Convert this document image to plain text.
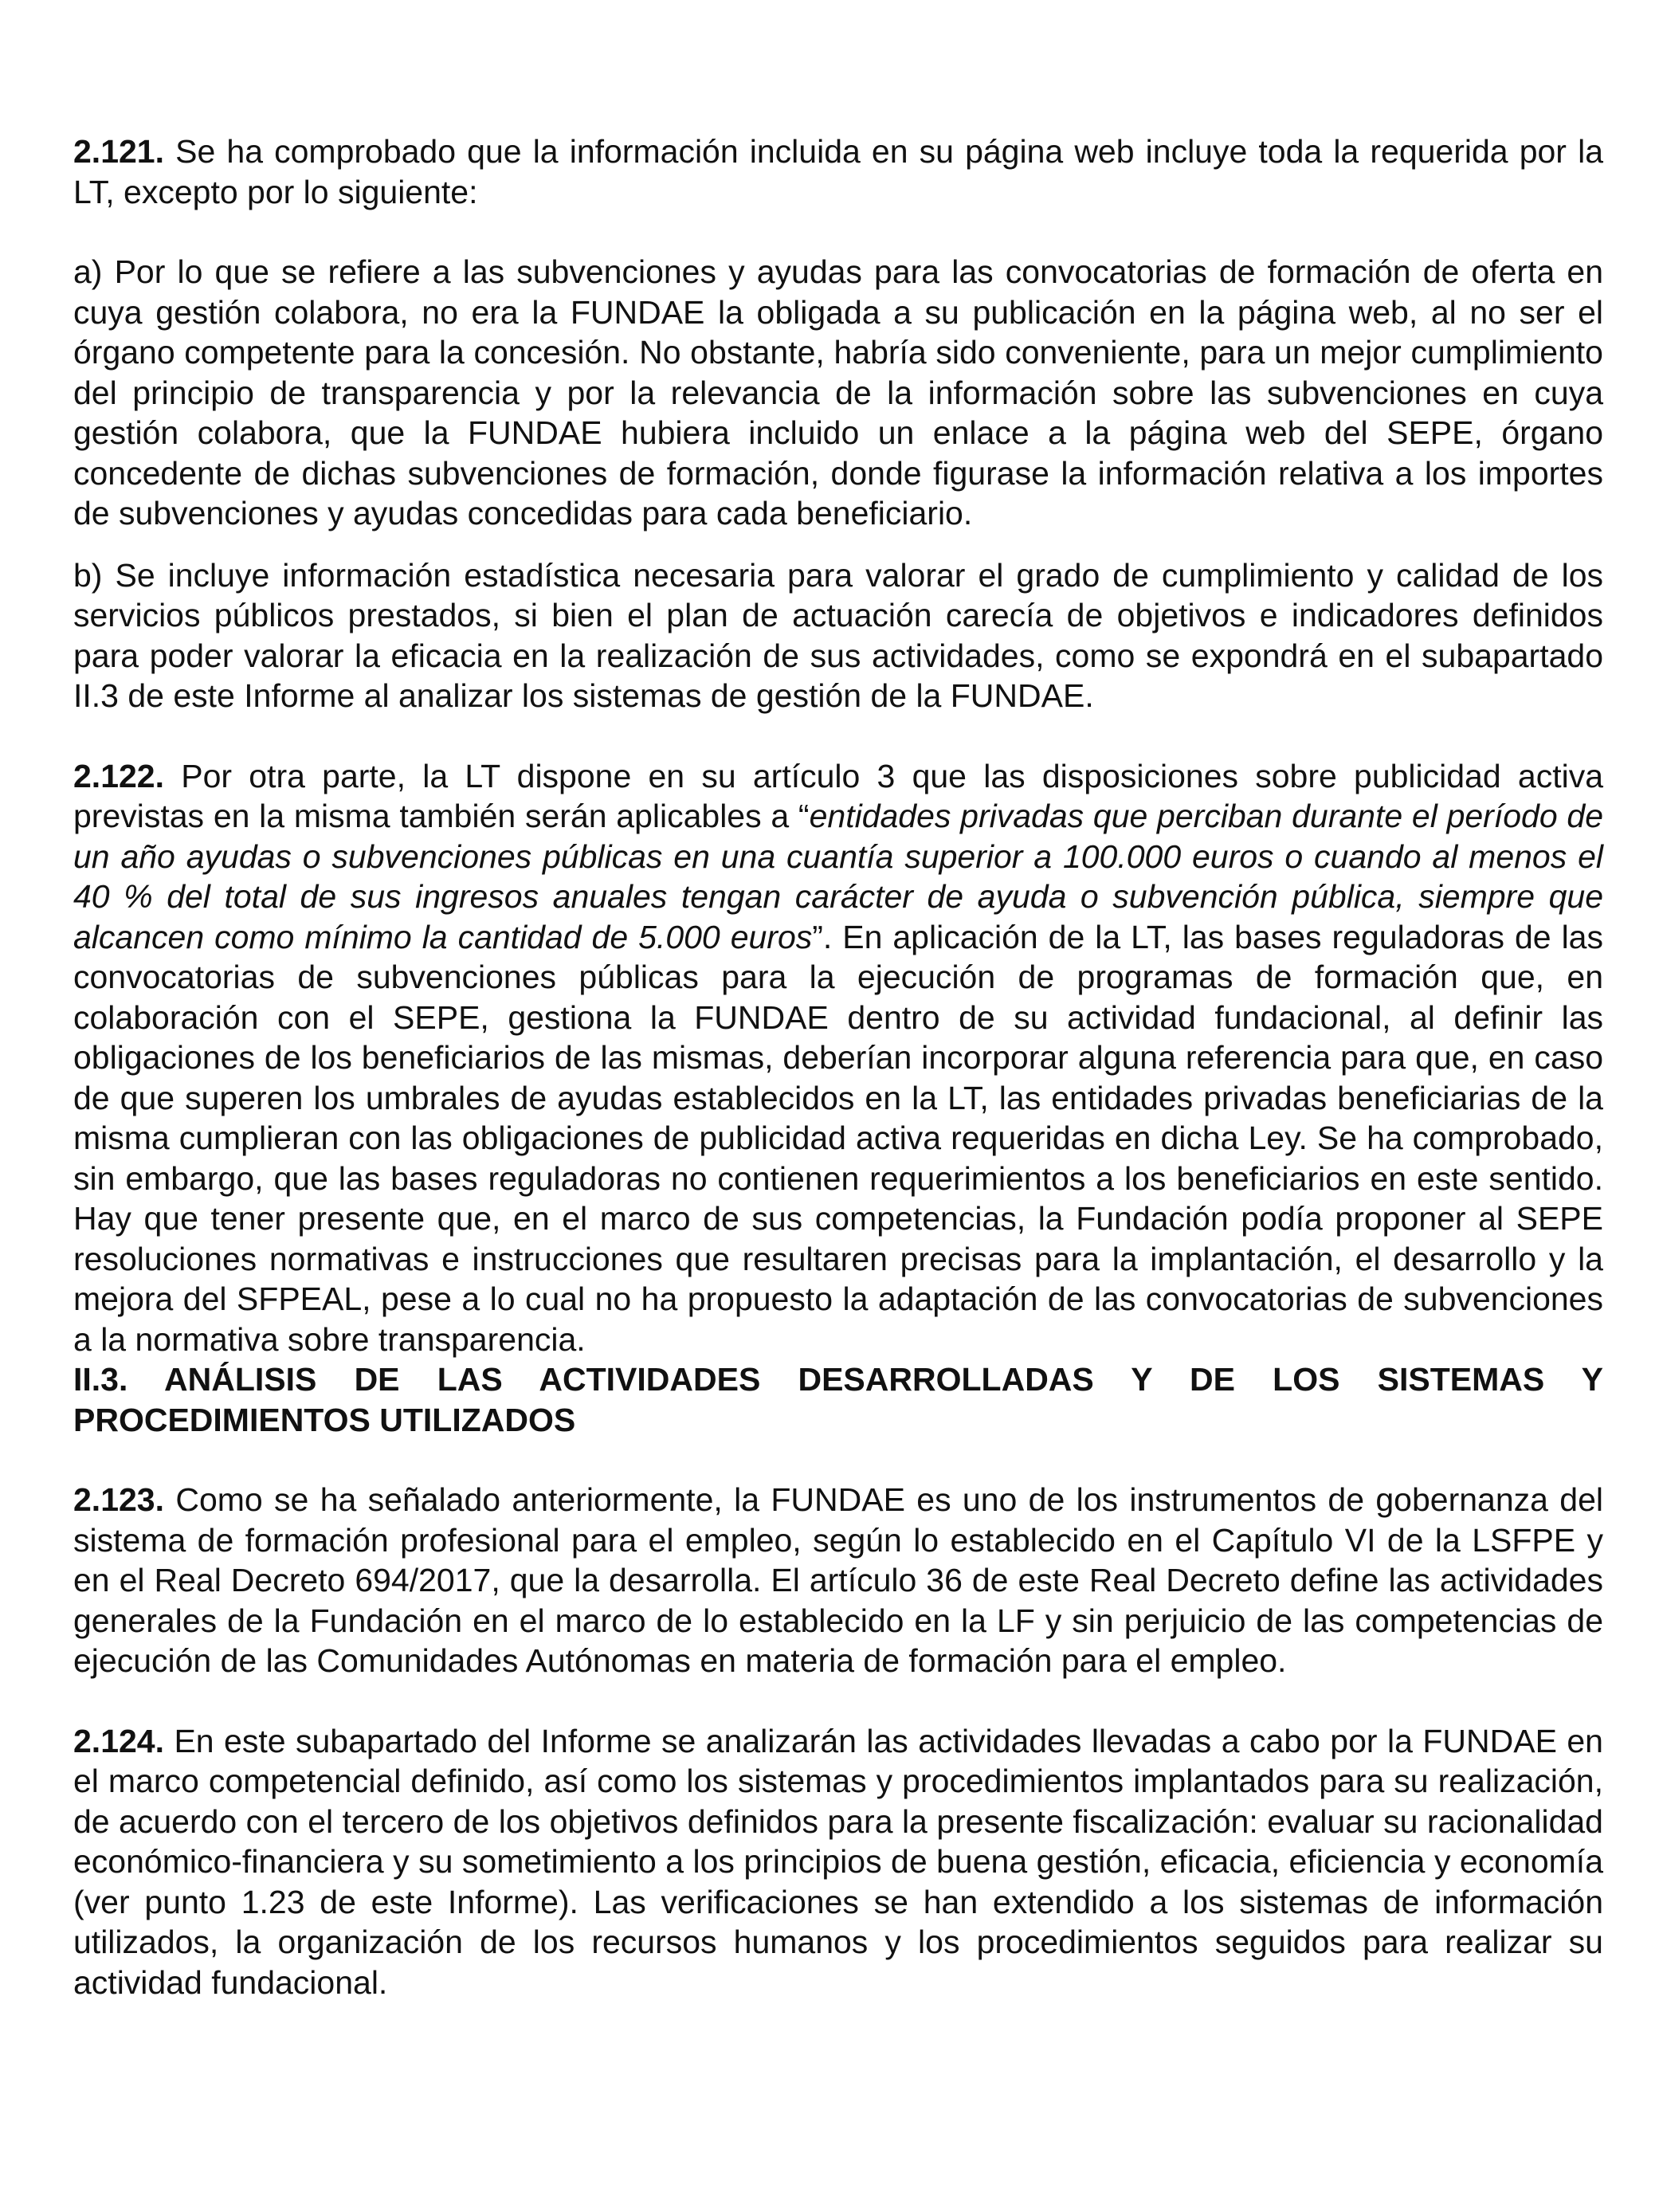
2.121. Se ha comprobado que la información incluida en su página web incluye toda la requerida por la LT, excepto por lo siguiente:

a) Por lo que se refiere a las subvenciones y ayudas para las convocatorias de formación de oferta en cuya gestión colabora, no era la FUNDAE la obligada a su publicación en la página web, al no ser el órgano competente para la concesión. No obstante, habría sido conveniente, para un mejor cumplimiento del principio de transparencia y por la relevancia de la información sobre las subvenciones en cuya gestión colabora, que la FUNDAE hubiera incluido un enlace a la página web del SEPE, órgano concedente de dichas subvenciones de formación, donde figurase la información relativa a los importes de subvenciones y ayudas concedidas para cada beneficiario.

b) Se incluye información estadística necesaria para valorar el grado de cumplimiento y calidad de los servicios públicos prestados, si bien el plan de actuación carecía de objetivos e indicadores definidos para poder valorar la eficacia en la realización de sus actividades, como se expondrá en el subapartado II.3 de este Informe al analizar los sistemas de gestión de la FUNDAE.

2.122. Por otra parte, la LT dispone en su artículo 3 que las disposiciones sobre publicidad activa previstas en la misma también serán aplicables a “entidades privadas que perciban durante el período de un año ayudas o subvenciones públicas en una cuantía superior a 100.000 euros o cuando al menos el 40 % del total de sus ingresos anuales tengan carácter de ayuda o subvención pública, siempre que alcancen como mínimo la cantidad de 5.000 euros”. En aplicación de la LT, las bases reguladoras de las convocatorias de subvenciones públicas para la ejecución de programas de formación que, en colaboración con el SEPE, gestiona la FUNDAE dentro de su actividad fundacional, al definir las obligaciones de los beneficiarios de las mismas, deberían incorporar alguna referencia para que, en caso de que superen los umbrales de ayudas establecidos en la LT, las entidades privadas beneficiarias de la misma cumplieran con las obligaciones de publicidad activa requeridas en dicha Ley. Se ha comprobado, sin embargo, que las bases reguladoras no contienen requerimientos a los beneficiarios en este sentido. Hay que tener presente que, en el marco de sus competencias, la Fundación podía proponer al SEPE resoluciones normativas e instrucciones que resultaren precisas para la implantación, el desarrollo y la mejora del SFPEAL, pese a lo cual no ha propuesto la adaptación de las convocatorias de subvenciones a la normativa sobre transparencia.

II.3. ANÁLISIS DE LAS ACTIVIDADES DESARROLLADAS Y DE LOS SISTEMAS Y PROCEDIMIENTOS UTILIZADOS

2.123. Como se ha señalado anteriormente, la FUNDAE es uno de los instrumentos de gobernanza del sistema de formación profesional para el empleo, según lo establecido en el Capítulo VI de la LSFPE y en el Real Decreto 694/2017, que la desarrolla. El artículo 36 de este Real Decreto define las actividades generales de la Fundación en el marco de lo establecido en la LF y sin perjuicio de las competencias de ejecución de las Comunidades Autónomas en materia de formación para el empleo.

2.124. En este subapartado del Informe se analizarán las actividades llevadas a cabo por la FUNDAE en el marco competencial definido, así como los sistemas y procedimientos implantados para su realización, de acuerdo con el tercero de los objetivos definidos para la presente fiscalización: evaluar su racionalidad económico-financiera y su sometimiento a los principios de buena gestión, eficacia, eficiencia y economía (ver punto 1.23 de este Informe). Las verificaciones se han extendido a los sistemas de información utilizados, la organización de los recursos humanos y los procedimientos seguidos para realizar su actividad fundacional.
